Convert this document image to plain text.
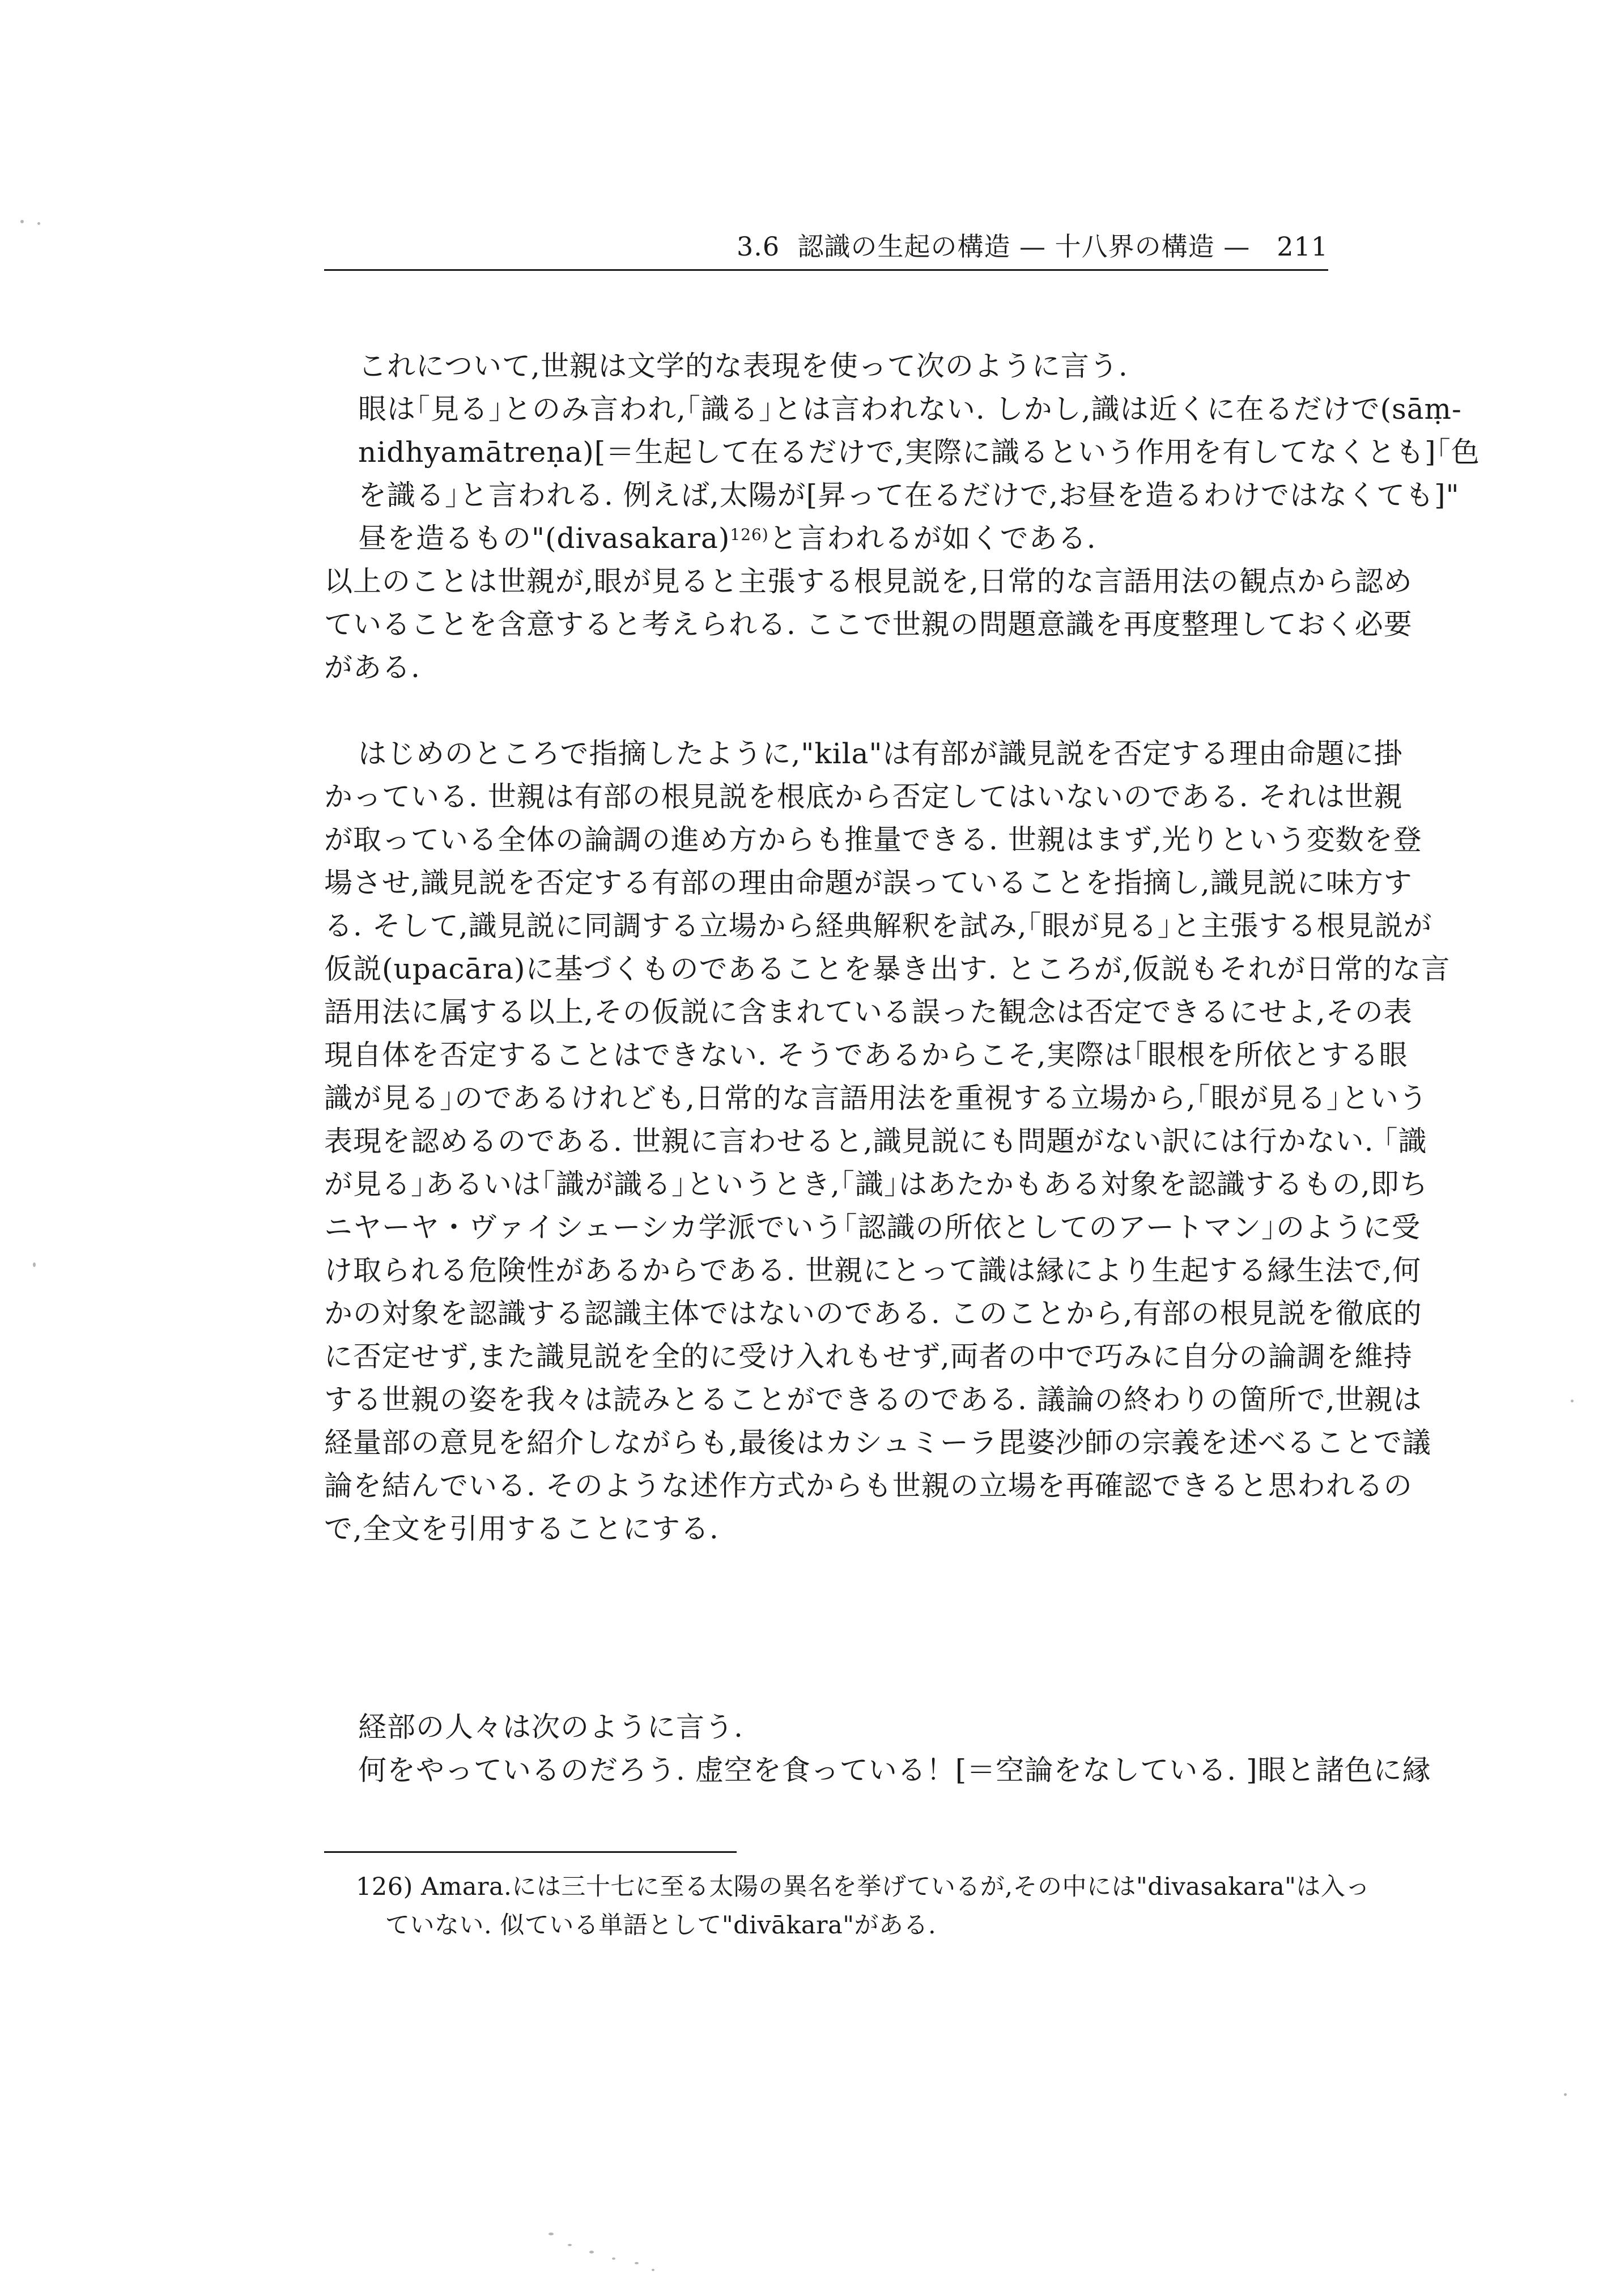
3.6 認識の生起の構造 — 十八界の構造 — 211
これについて,世親は文学的な表現を使って次のように言う.
眼は｢見る｣とのみ言われ,｢識る｣とは言われない. しかし,識は近くに在るだけで(sāṃ-
nidhyamātreṇa)[＝生起して在るだけで,実際に識るという作用を有してなくとも]｢色
を識る｣と言われる. 例えば,太陽が[昇って在るだけで,お昼を造るわけではなくても]"
昼を造るもの"(divasakara)$^{126)}$と言われるが如くである.
以上のことは世親が,眼が見ると主張する根見説を,日常的な言語用法の観点から認め
ていることを含意すると考えられる. ここで世親の問題意識を再度整理しておく必要
がある.
はじめのところで指摘したように,"kila"は有部が識見説を否定する理由命題に掛
かっている. 世親は有部の根見説を根底から否定してはいないのである. それは世親
が取っている全体の論調の進め方からも推量できる. 世親はまず,光りという変数を登
場させ,識見説を否定する有部の理由命題が誤っていることを指摘し,識見説に味方す
る. そして,識見説に同調する立場から経典解釈を試み,｢眼が見る｣と主張する根見説が
仮説(upacāra)に基づくものであることを暴き出す. ところが,仮説もそれが日常的な言
語用法に属する以上,その仮説に含まれている誤った観念は否定できるにせよ,その表
現自体を否定することはできない. そうであるからこそ,実際は｢眼根を所依とする眼
識が見る｣のであるけれども,日常的な言語用法を重視する立場から,｢眼が見る｣という
表現を認めるのである. 世親に言わせると,識見説にも問題がない訳には行かない. ｢識
が見る｣あるいは｢識が識る｣というとき,｢識｣はあたかもある対象を認識するもの,即ち
ニヤーヤ・ヴァイシェーシカ学派でいう｢認識の所依としてのアートマン｣のように受
け取られる危険性があるからである. 世親にとって識は縁により生起する縁生法で,何
かの対象を認識する認識主体ではないのである. このことから,有部の根見説を徹底的
に否定せず,また識見説を全的に受け入れもせず,両者の中で巧みに自分の論調を維持
する世親の姿を我々は読みとることができるのである. 議論の終わりの箇所で,世親は
経量部の意見を紹介しながらも,最後はカシュミーラ毘婆沙師の宗義を述べることで議
論を結んでいる. そのような述作方式からも世親の立場を再確認できると思われるの
で,全文を引用することにする.
経部の人々は次のように言う.
何をやっているのだろう. 虚空を食っている！[＝空論をなしている. ]眼と諸色に縁
126) Amara.には三十七に至る太陽の異名を挙げているが,その中には"divasakara"は入っ
ていない. 似ている単語として"divākara"がある.
